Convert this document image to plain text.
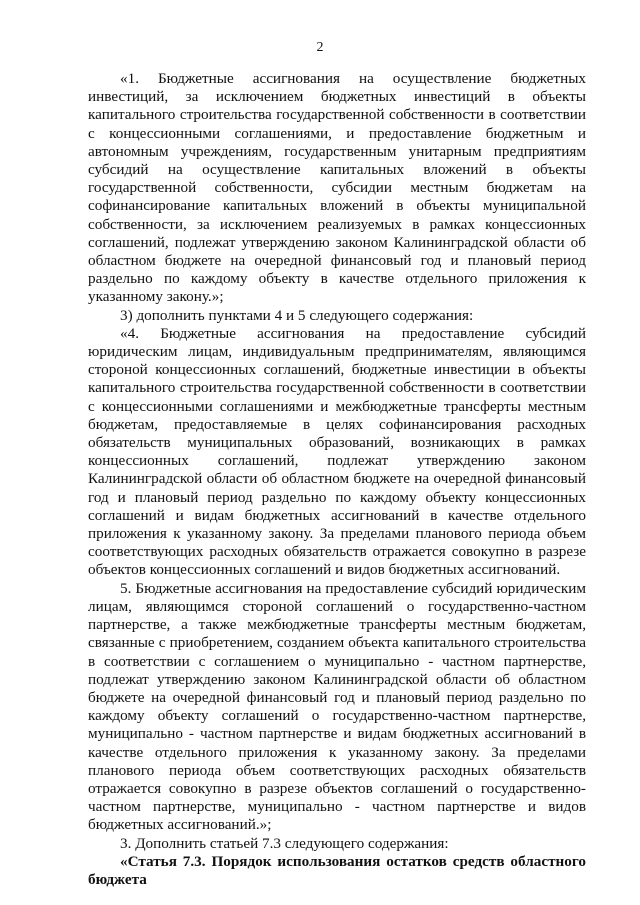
2

«1. Бюджетные ассигнования на осуществление бюджетных инвестиций, за исключением бюджетных инвестиций в объекты капитального строительства государственной собственности в соответствии с концессионными соглашениями, и предоставление бюджетным и автономным учреждениям, государственным унитарным предприятиям субсидий на осуществление капитальных вложений в объекты государственной собственности, субсидии местным бюджетам на софинансирование капитальных вложений в объекты муниципальной собственности, за исключением реализуемых в рамках концессионных соглашений, подлежат утверждению законом Калининградской области об областном бюджете на очередной финансовый год и плановый период раздельно по каждому объекту в качестве отдельного приложения к указанному закону.»;

3) дополнить пунктами 4 и 5 следующего содержания:

«4. Бюджетные ассигнования на предоставление субсидий юридическим лицам, индивидуальным предпринимателям, являющимся стороной концессионных соглашений, бюджетные инвестиции в объекты капитального строительства государственной собственности в соответствии с концессионными соглашениями и межбюджетные трансферты местным бюджетам, предоставляемые в целях софинансирования расходных обязательств муниципальных образований, возникающих в рамках концессионных соглашений, подлежат утверждению законом Калининградской области об областном бюджете на очередной финансовый год и плановый период раздельно по каждому объекту концессионных соглашений и видам бюджетных ассигнований в качестве отдельного приложения к указанному закону. За пределами планового периода объем соответствующих расходных обязательств отражается совокупно в разрезе объектов концессионных соглашений и видов бюджетных ассигнований.

5. Бюджетные ассигнования на предоставление субсидий юридическим лицам, являющимся стороной соглашений о государственно-частном партнерстве, а также межбюджетные трансферты местным бюджетам, связанные с приобретением, созданием объекта капитального строительства в соответствии с соглашением о муниципально - частном партнерстве, подлежат утверждению законом Калининградской области об областном бюджете на очередной финансовый год и плановый период раздельно по каждому объекту соглашений о государственно-частном партнерстве, муниципально - частном партнерстве и видам бюджетных ассигнований в качестве отдельного приложения к указанному закону. За пределами планового периода объем соответствующих расходных обязательств отражается совокупно в разрезе объектов соглашений о государственно-частном партнерстве, муниципально - частном партнерстве и видов бюджетных ассигнований.»;

3. Дополнить статьей 7.3 следующего содержания:

«Статья 7.3. Порядок использования остатков средств областного бюджета
